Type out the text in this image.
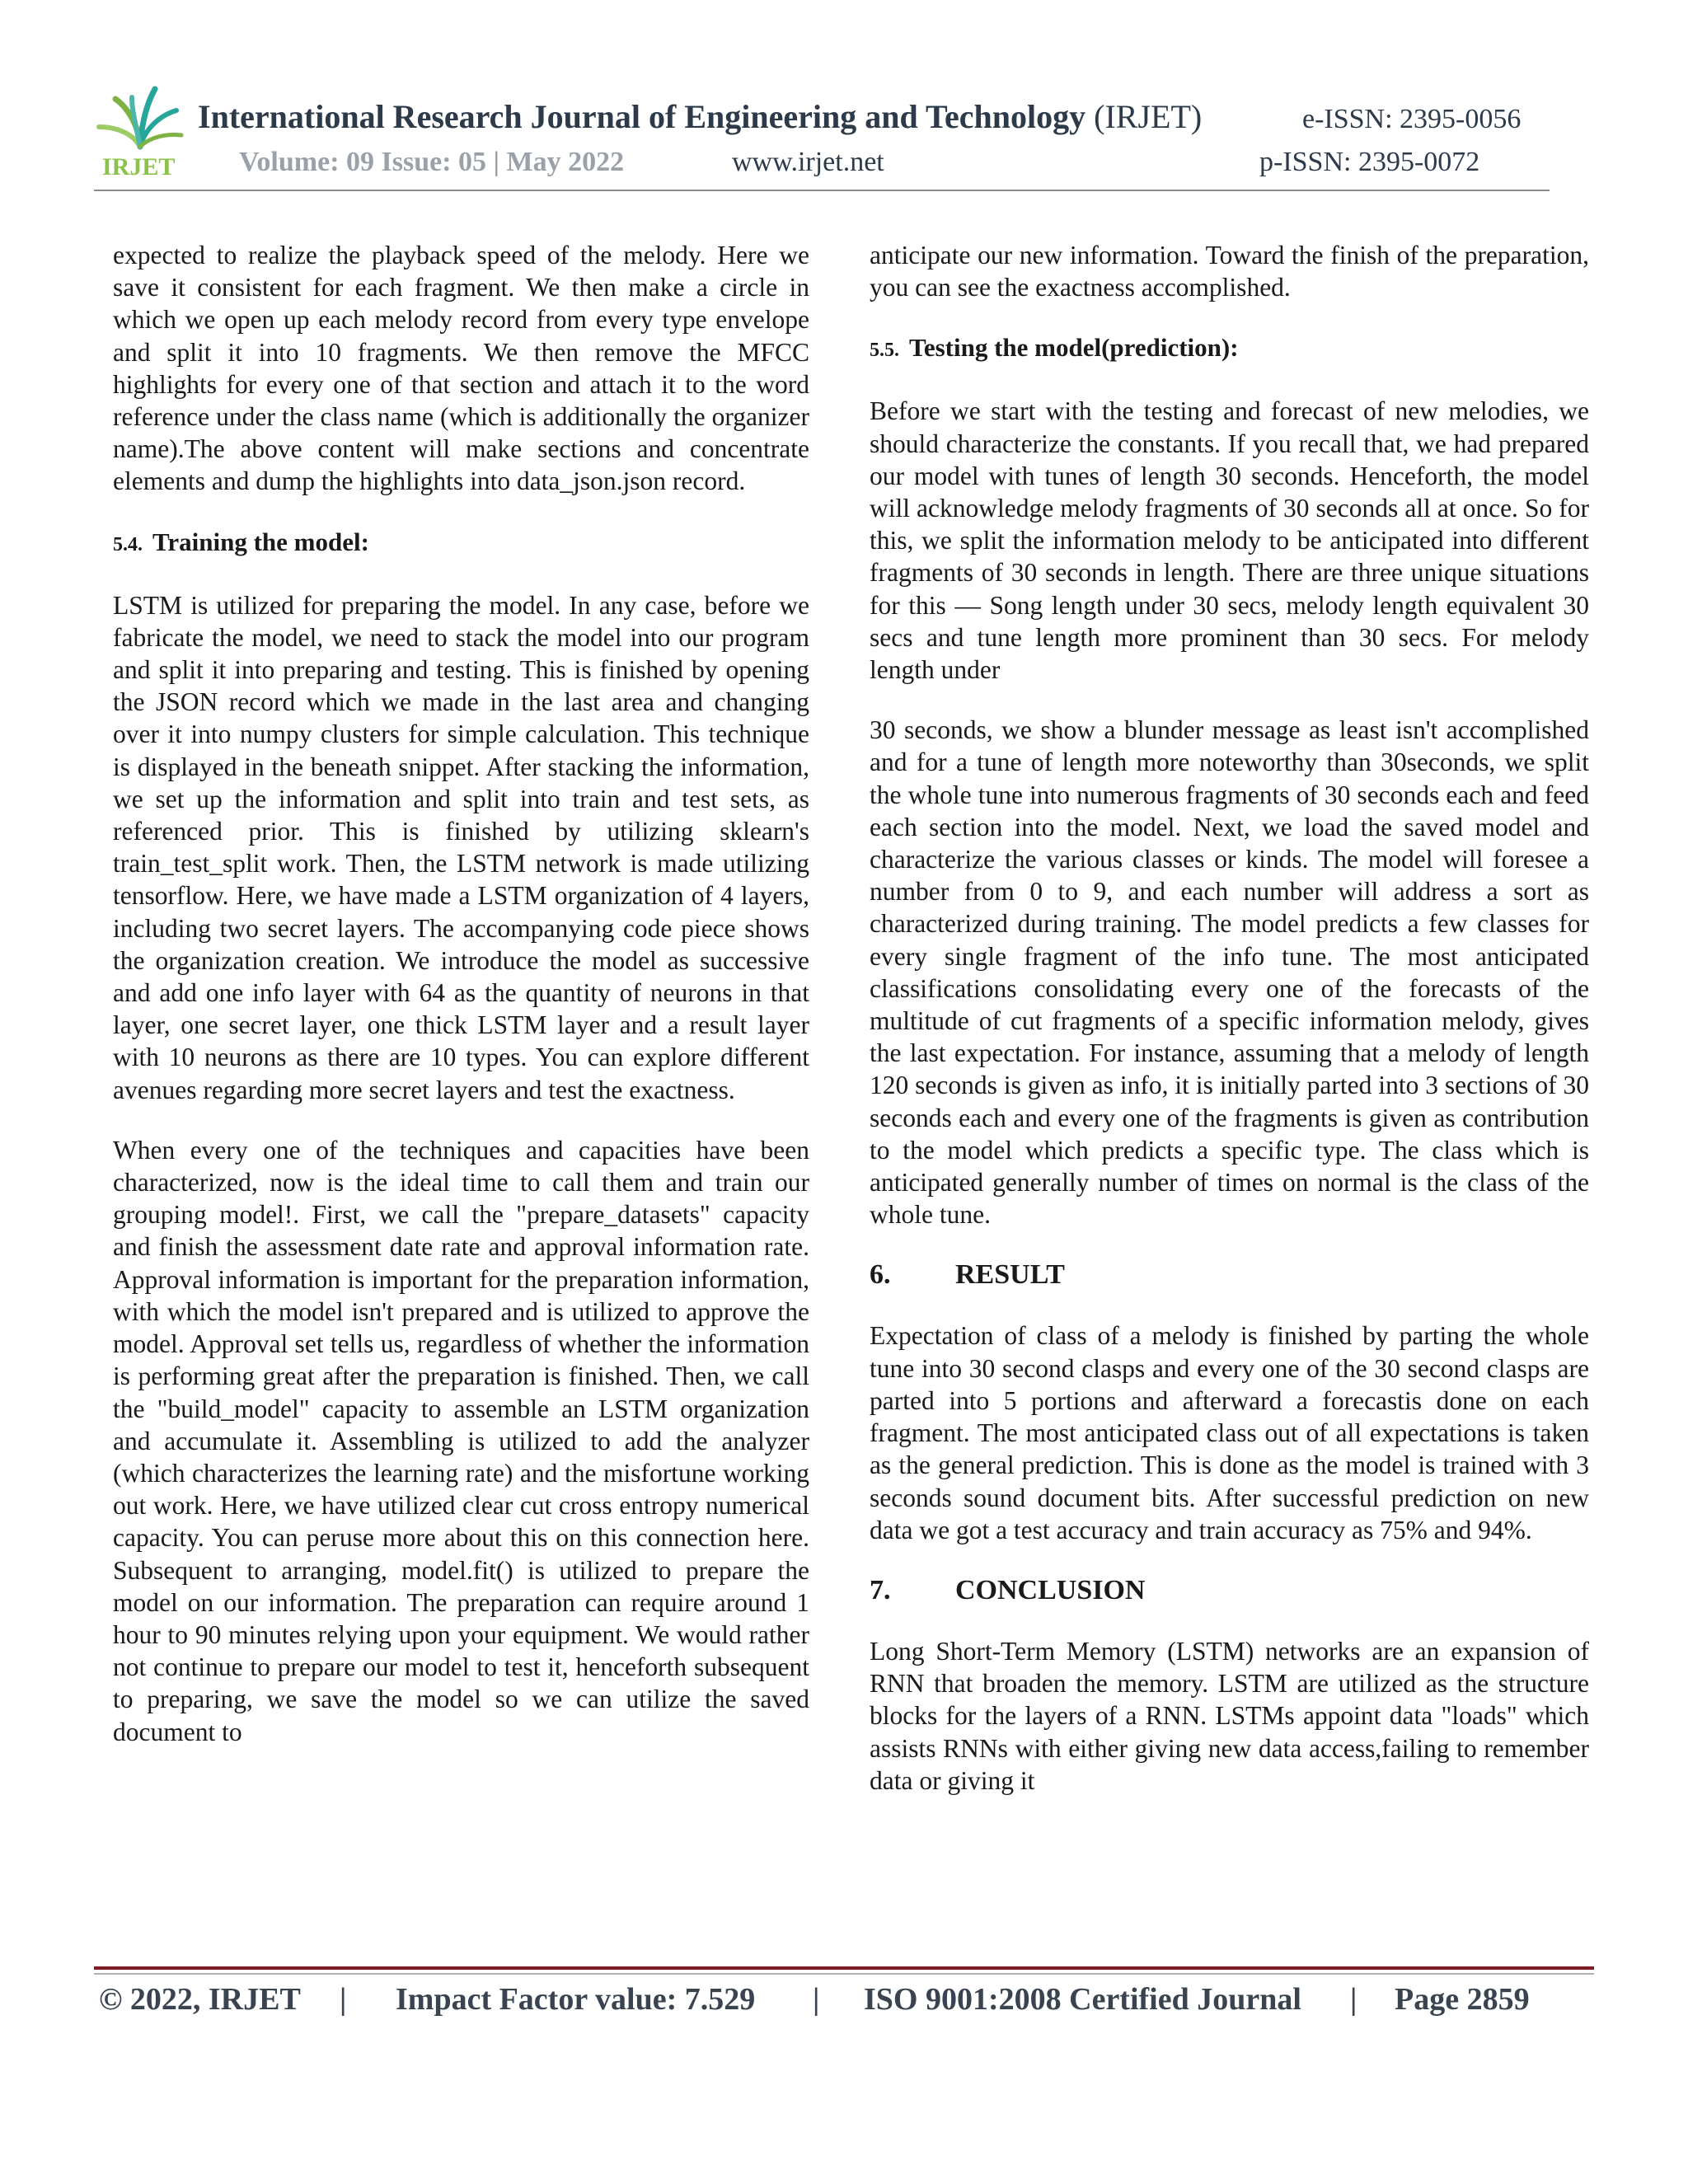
IRJET
International Research Journal of Engineering and Technology (IRJET)	e-ISSN: 2395-0056
Volume: 09 Issue: 05 | May 2022	www.irjet.net	p-ISSN: 2395-0072

expected to realize the playback speed of the melody. Here we save it consistent for each fragment. We then make a circle in which we open up each melody record from every type envelope and split it into 10 fragments. We then remove the MFCC highlights for every one of that section and attach it to the word reference under the class name (which is additionally the organizer name).The above content will make sections and concentrate elements and dump the highlights into data_json.json record.

5.4. Training the model:

LSTM is utilized for preparing the model. In any case, before we fabricate the model, we need to stack the model into our program and split it into preparing and testing. This is finished by opening the JSON record which we made in the last area and changing over it into numpy clusters for simple calculation. This technique is displayed in the beneath snippet. After stacking the information, we set up the information and split into train and test sets, as referenced prior. This is finished by utilizing sklearn's train_test_split work. Then, the LSTM network is made utilizing tensorflow. Here, we have made a LSTM organization of 4 layers, including two secret layers. The accompanying code piece shows the organization creation. We introduce the model as successive and add one info layer with 64 as the quantity of neurons in that layer, one secret layer, one thick LSTM layer and a result layer with 10 neurons as there are 10 types. You can explore different avenues regarding more secret layers and test the exactness.

When every one of the techniques and capacities have been characterized, now is the ideal time to call them and train our grouping model!. First, we call the "prepare_datasets" capacity and finish the assessment date rate and approval information rate. Approval information is important for the preparation information, with which the model isn't prepared and is utilized to approve the model. Approval set tells us, regardless of whether the information is performing great after the preparation is finished. Then, we call the "build_model" capacity to assemble an LSTM organization and accumulate it. Assembling is utilized to add the analyzer (which characterizes the learning rate) and the misfortune working out work. Here, we have utilized clear cut cross entropy numerical capacity. You can peruse more about this on this connection here. Subsequent to arranging, model.fit() is utilized to prepare the model on our information. The preparation can require around 1 hour to 90 minutes relying upon your equipment. We would rather not continue to prepare our model to test it, henceforth subsequent to preparing, we save the model so we can utilize the saved document to

anticipate our new information. Toward the finish of the preparation, you can see the exactness accomplished.

5.5. Testing the model(prediction):

Before we start with the testing and forecast of new melodies, we should characterize the constants. If you recall that, we had prepared our model with tunes of length 30 seconds. Henceforth, the model will acknowledge melody fragments of 30 seconds all at once. So for this, we split the information melody to be anticipated into different fragments of 30 seconds in length. There are three unique situations for this — Song length under 30 secs, melody length equivalent 30 secs and tune length more prominent than 30 secs. For melody length under

30 seconds, we show a blunder message as least isn't accomplished and for a tune of length more noteworthy than 30seconds, we split the whole tune into numerous fragments of 30 seconds each and feed each section into the model. Next, we load the saved model and characterize the various classes or kinds. The model will foresee a number from 0 to 9, and each number will address a sort as characterized during training. The model predicts a few classes for every single fragment of the info tune. The most anticipated classifications consolidating every one of the forecasts of the multitude of cut fragments of a specific information melody, gives the last expectation. For instance, assuming that a melody of length 120 seconds is given as info, it is initially parted into 3 sections of 30 seconds each and every one of the fragments is given as contribution to the model which predicts a specific type. The class which is anticipated generally number of times on normal is the class of the whole tune.

6. RESULT

Expectation of class of a melody is finished by parting the whole tune into 30 second clasps and every one of the 30 second clasps are parted into 5 portions and afterward a forecastis done on each fragment. The most anticipated class out of all expectations is taken as the general prediction. This is done as the model is trained with 3 seconds sound document bits. After successful prediction on new data we got a test accuracy and train accuracy as 75% and 94%.

7. CONCLUSION

Long Short-Term Memory (LSTM) networks are an expansion of RNN that broaden the memory. LSTM are utilized as the structure blocks for the layers of a RNN. LSTMs appoint data "loads" which assists RNNs with either giving new data access,failing to remember data or giving it

© 2022, IRJET | Impact Factor value: 7.529 | ISO 9001:2008 Certified Journal | Page 2859
